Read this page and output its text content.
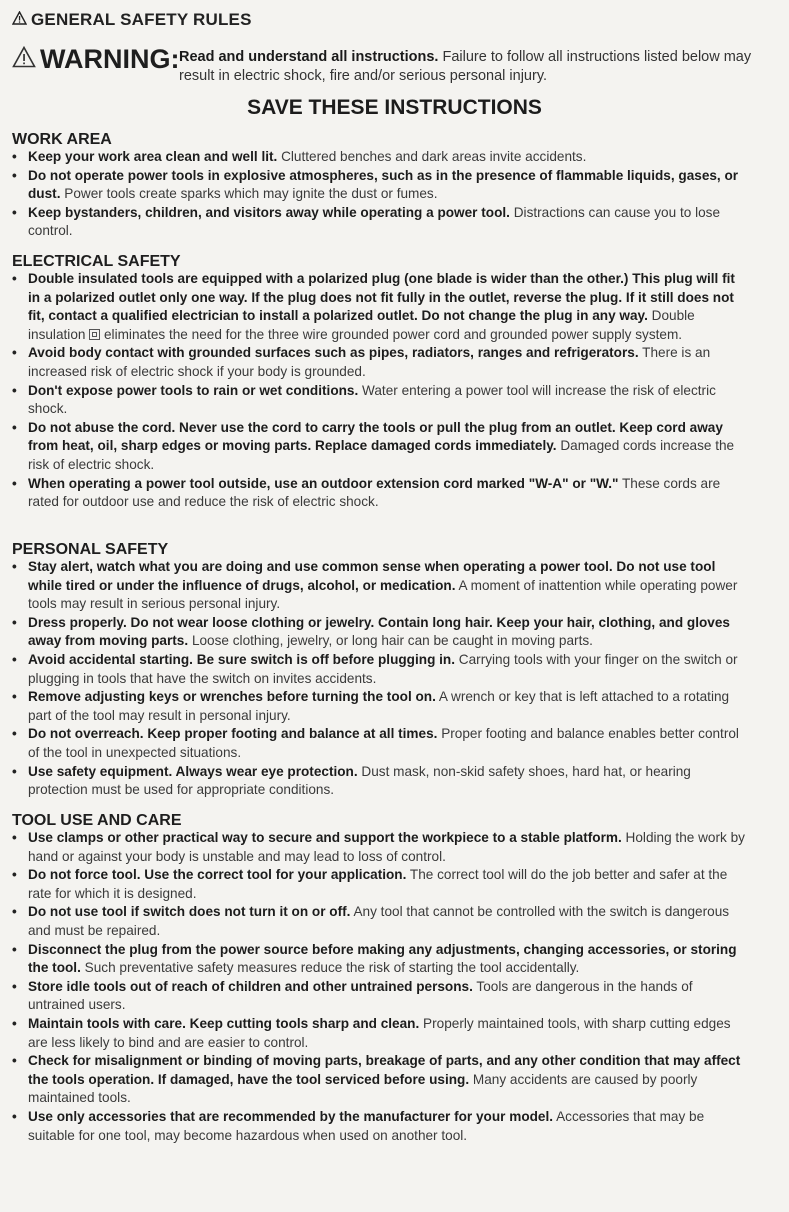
GENERAL SAFETY RULES
WARNING: Read and understand all instructions. Failure to follow all instructions listed below may result in electric shock, fire and/or serious personal injury.
SAVE THESE INSTRUCTIONS
WORK AREA
• Keep your work area clean and well lit. Cluttered benches and dark areas invite accidents.
• Do not operate power tools in explosive atmospheres, such as in the presence of flammable liquids, gases, or dust. Power tools create sparks which may ignite the dust or fumes.
• Keep bystanders, children, and visitors away while operating a power tool. Distractions can cause you to lose control.
ELECTRICAL SAFETY
• Double insulated tools are equipped with a polarized plug (one blade is wider than the other.) This plug will fit in a polarized outlet only one way. If the plug does not fit fully in the outlet, reverse the plug. If it still does not fit, contact a qualified electrician to install a polarized outlet. Do not change the plug in any way. Double insulation eliminates the need for the three wire grounded power cord and grounded power supply system.
• Avoid body contact with grounded surfaces such as pipes, radiators, ranges and refrigerators. There is an increased risk of electric shock if your body is grounded.
• Don't expose power tools to rain or wet conditions. Water entering a power tool will increase the risk of electric shock.
• Do not abuse the cord. Never use the cord to carry the tools or pull the plug from an outlet. Keep cord away from heat, oil, sharp edges or moving parts. Replace damaged cords immediately. Damaged cords increase the risk of electric shock.
• When operating a power tool outside, use an outdoor extension cord marked "W-A" or "W." These cords are rated for outdoor use and reduce the risk of electric shock.
PERSONAL SAFETY
• Stay alert, watch what you are doing and use common sense when operating a power tool. Do not use tool while tired or under the influence of drugs, alcohol, or medication. A moment of inattention while operating power tools may result in serious personal injury.
• Dress properly. Do not wear loose clothing or jewelry. Contain long hair. Keep your hair, clothing, and gloves away from moving parts. Loose clothing, jewelry, or long hair can be caught in moving parts.
• Avoid accidental starting. Be sure switch is off before plugging in. Carrying tools with your finger on the switch or plugging in tools that have the switch on invites accidents.
• Remove adjusting keys or wrenches before turning the tool on. A wrench or key that is left attached to a rotating part of the tool may result in personal injury.
• Do not overreach. Keep proper footing and balance at all times. Proper footing and balance enables better control of the tool in unexpected situations.
• Use safety equipment. Always wear eye protection. Dust mask, non-skid safety shoes, hard hat, or hearing protection must be used for appropriate conditions.
TOOL USE AND CARE
• Use clamps or other practical way to secure and support the workpiece to a stable platform. Holding the work by hand or against your body is unstable and may lead to loss of control.
• Do not force tool. Use the correct tool for your application. The correct tool will do the job better and safer at the rate for which it is designed.
• Do not use tool if switch does not turn it on or off. Any tool that cannot be controlled with the switch is dangerous and must be repaired.
• Disconnect the plug from the power source before making any adjustments, changing accessories, or storing the tool. Such preventative safety measures reduce the risk of starting the tool accidentally.
• Store idle tools out of reach of children and other untrained persons. Tools are dangerous in the hands of untrained users.
• Maintain tools with care. Keep cutting tools sharp and clean. Properly maintained tools, with sharp cutting edges are less likely to bind and are easier to control.
• Check for misalignment or binding of moving parts, breakage of parts, and any other condition that may affect the tools operation. If damaged, have the tool serviced before using. Many accidents are caused by poorly maintained tools.
• Use only accessories that are recommended by the manufacturer for your model. Accessories that may be suitable for one tool, may become hazardous when used on another tool.
